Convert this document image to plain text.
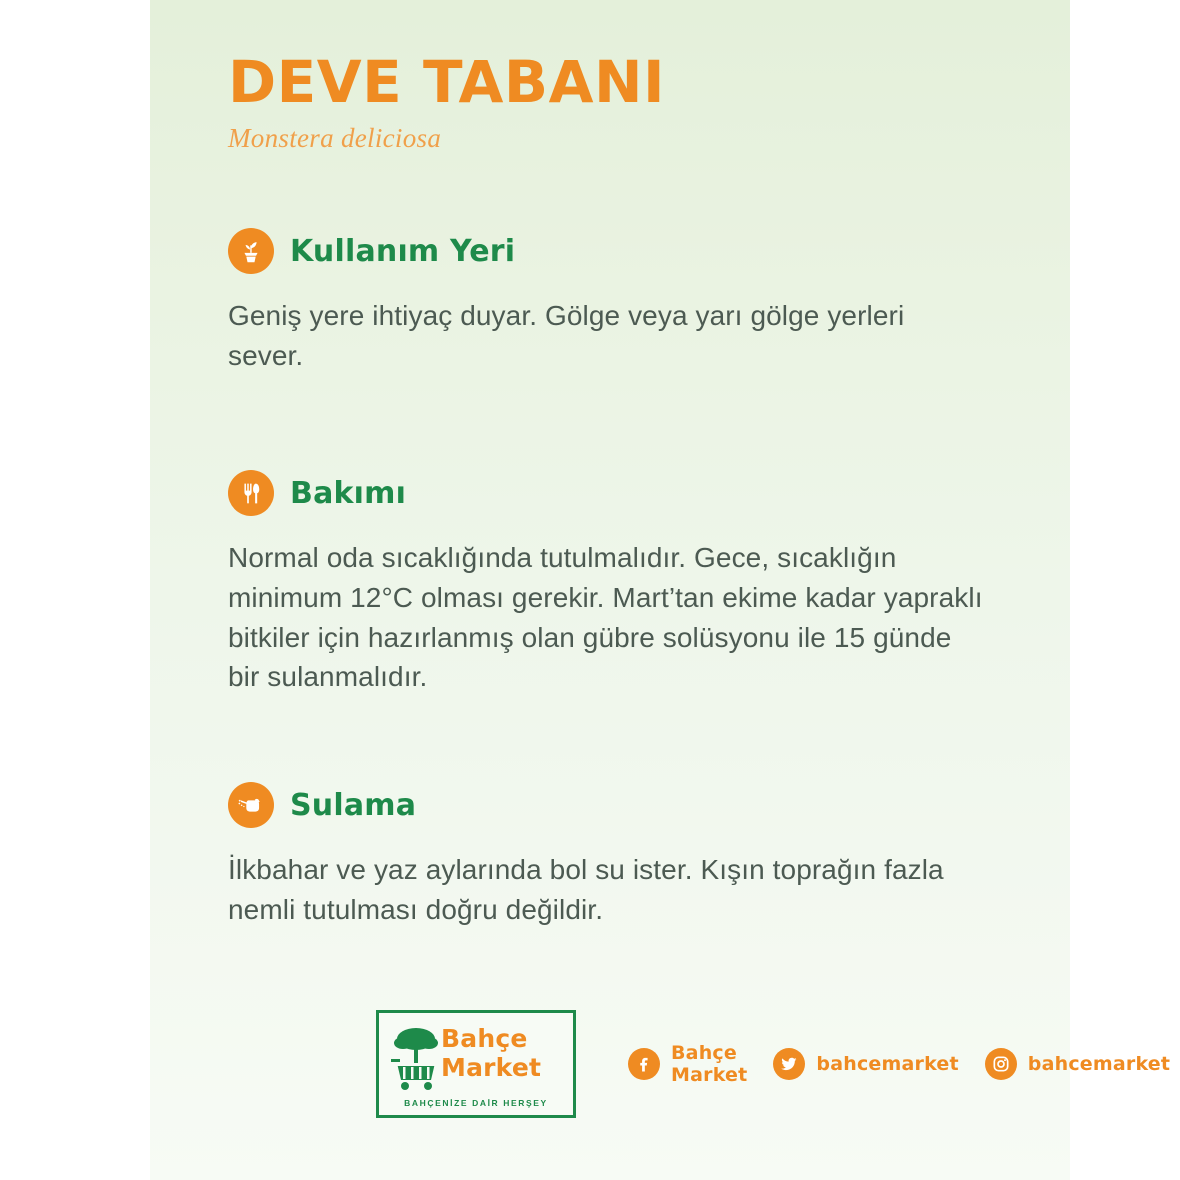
DEVE TABANI
Monstera deliciosa
Kullanım Yeri
Geniş yere ihtiyaç duyar. Gölge veya yarı gölge yerleri sever.
Bakımı
Normal oda sıcaklığında tutulmalıdır. Gece, sıcaklığın minimum 12°C olması gerekir. Mart’tan ekime kadar yapraklı bitkiler için hazırlanmış olan gübre solüsyonu ile 15 günde bir sulanmalıdır.
Sulama
İlkbahar ve yaz aylarında bol su ister. Kışın toprağın fazla nemli tutulması doğru değildir.
Bahçe
Market
BAHÇENİZE DAİR HERŞEY
Bahçe Market	bahcemarket	bahcemarket
